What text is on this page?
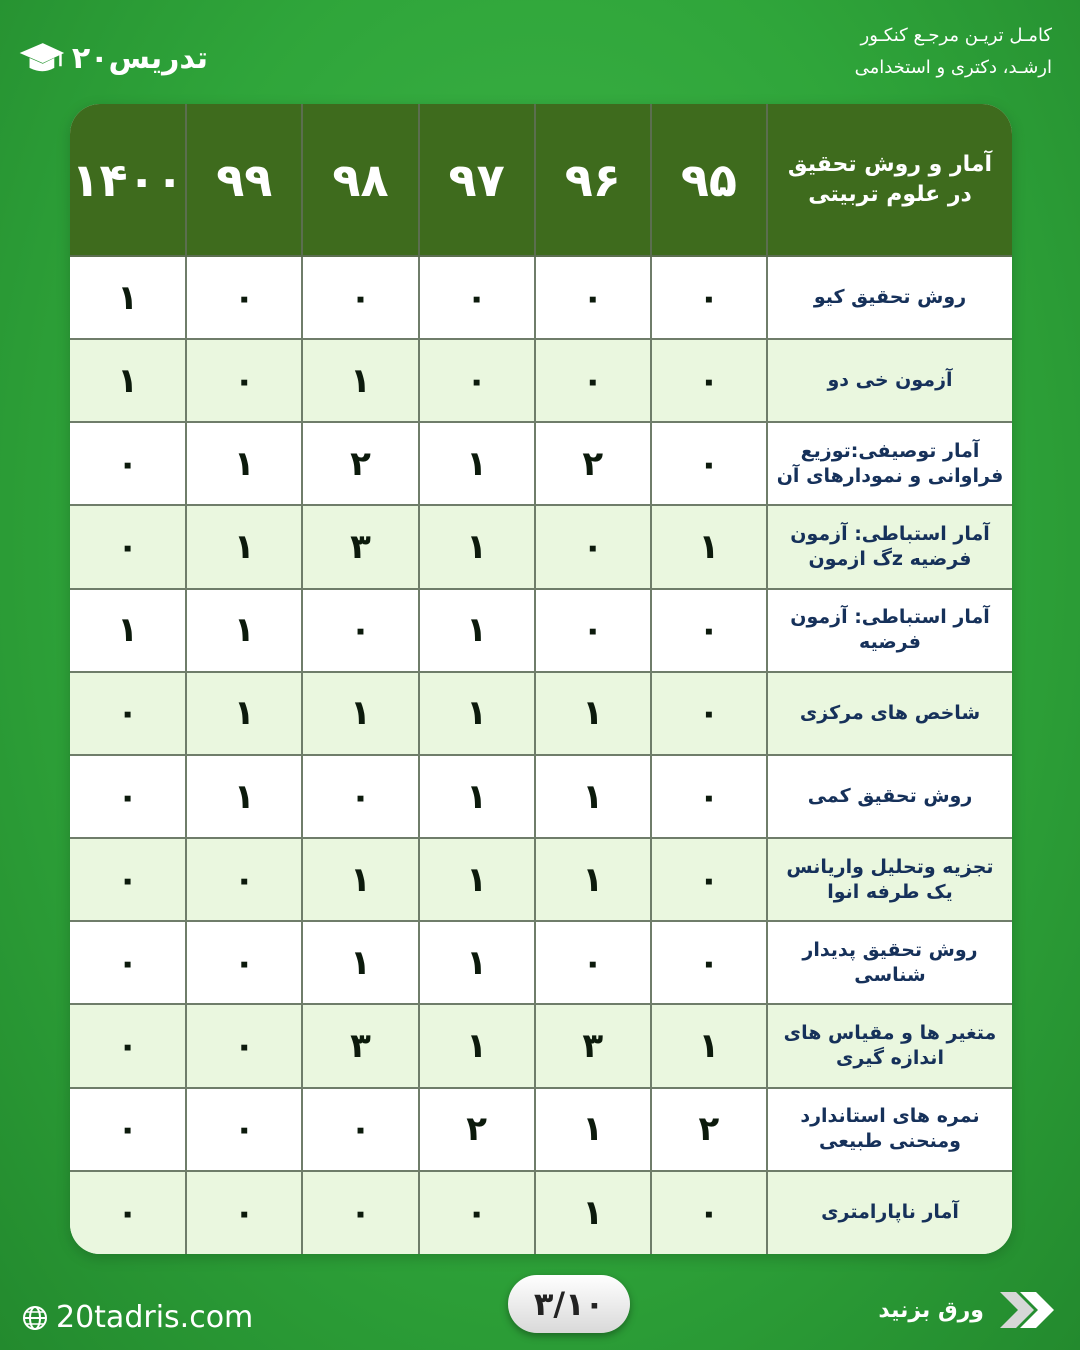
۲۰تدریس
کامـل تریـن مرجـع کنکـور
ارشـد، دکتری و استخدامی
آمار و روش تحقیق در علوم تربیتی	۹۵	۹۶	۹۷	۹۸	۹۹	۱۴۰۰
روش تحقیق کیو	۰	۰	۰	۰	۰	۱
آزمون خی دو	۰	۰	۰	۱	۰	۱
آمار توصیفی:توزیع فراوانی و نمودارهای آن	۰	۲	۱	۲	۱	۰
آمار استباطی: آزمون فرضیه zگ ازمون	۱	۰	۱	۳	۱	۰
آمار استباطی: آزمون فرضیه	۰	۰	۱	۰	۱	۱
شاخص های مرکزی	۰	۱	۱	۱	۱	۰
روش تحقیق کمی	۰	۱	۱	۰	۱	۰
تجزیه وتحلیل واریانس یک طرفه انوا	۰	۱	۱	۱	۰	۰
روش تحقیق پدیدار شناسی	۰	۰	۱	۱	۰	۰
متغیر ها و مقیاس های اندازه گیری	۱	۳	۱	۳	۰	۰
نمره های استاندارد ومنحنی طبیعی	۲	۱	۲	۰	۰	۰
آمار ناپارامتری	۰	۱	۰	۰	۰	۰
20tadris.com	۳/۱۰	ورق بزنید
